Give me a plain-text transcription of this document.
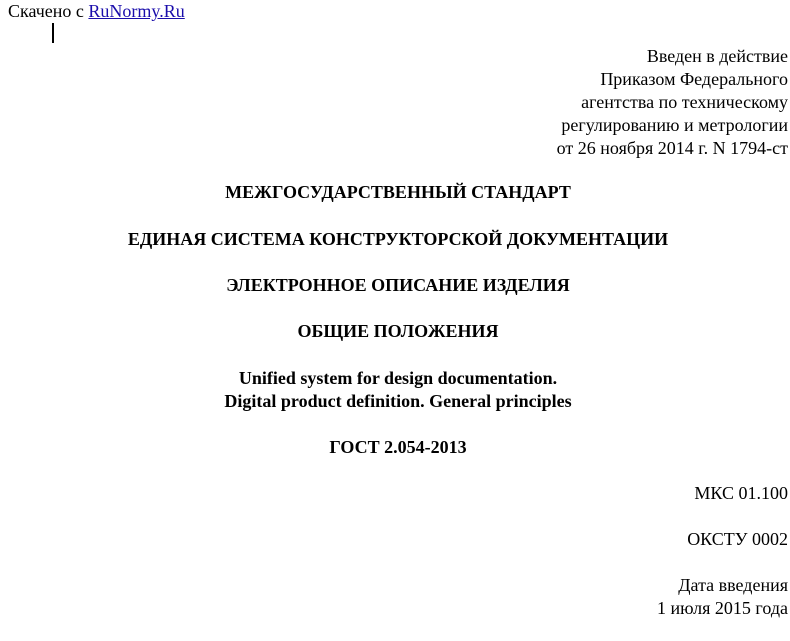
Скачено с RuNormy.Ru
Введен в действие
Приказом Федерального
агентства по техническому
регулированию и метрологии
от 26 ноября 2014 г. N 1794-ст
МЕЖГОСУДАРСТВЕННЫЙ СТАНДАРТ
ЕДИНАЯ СИСТЕМА КОНСТРУКТОРСКОЙ ДОКУМЕНТАЦИИ
ЭЛЕКТРОННОЕ ОПИСАНИЕ ИЗДЕЛИЯ
ОБЩИЕ ПОЛОЖЕНИЯ
Unified system for design documentation.
Digital product definition. General principles
ГОСТ 2.054-2013
МКС 01.100
ОКСТУ 0002
Дата введения
1 июля 2015 года
